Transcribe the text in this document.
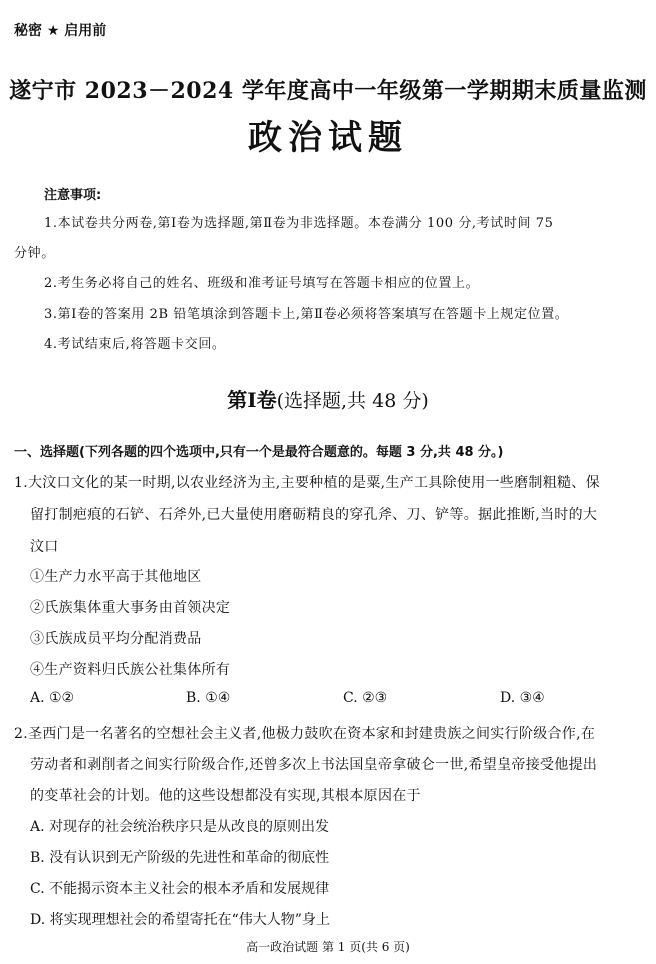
秘密 ★ 启用前
遂宁市 2023－2024 学年度高中一年级第一学期期末质量监测
政治试题
注意事项:
1.本试卷共分两卷,第Ⅰ卷为选择题,第Ⅱ卷为非选择题。本卷满分 100 分,考试时间 75
分钟。
2.考生务必将自己的姓名、班级和准考证号填写在答题卡相应的位置上。
3.第Ⅰ卷的答案用 2B 铅笔填涂到答题卡上,第Ⅱ卷必须将答案填写在答题卡上规定位置。
4.考试结束后,将答题卡交回。
第Ⅰ卷(选择题,共 48 分)
一、选择题(下列各题的四个选项中,只有一个是最符合题意的。每题 3 分,共 48 分。)
1.大汶口文化的某一时期,以农业经济为主,主要种植的是粟,生产工具除使用一些磨制粗糙、保
留打制疤痕的石铲、石斧外,已大量使用磨砺精良的穿孔斧、刀、铲等。据此推断,当时的大
汶口
①生产力水平高于其他地区
②氏族集体重大事务由首领决定
③氏族成员平均分配消费品
④生产资料归氏族公社集体所有
A. ①②	B. ①④	C. ②③	D. ③④
2.圣西门是一名著名的空想社会主义者,他极力鼓吹在资本家和封建贵族之间实行阶级合作,在
劳动者和剥削者之间实行阶级合作,还曾多次上书法国皇帝拿破仑一世,希望皇帝接受他提出
的变革社会的计划。他的这些设想都没有实现,其根本原因在于
A. 对现存的社会统治秩序只是从改良的原则出发
B. 没有认识到无产阶级的先进性和革命的彻底性
C. 不能揭示资本主义社会的根本矛盾和发展规律
D. 将实现理想社会的希望寄托在“伟大人物”身上
高一政治试题 第 1 页(共 6 页)
